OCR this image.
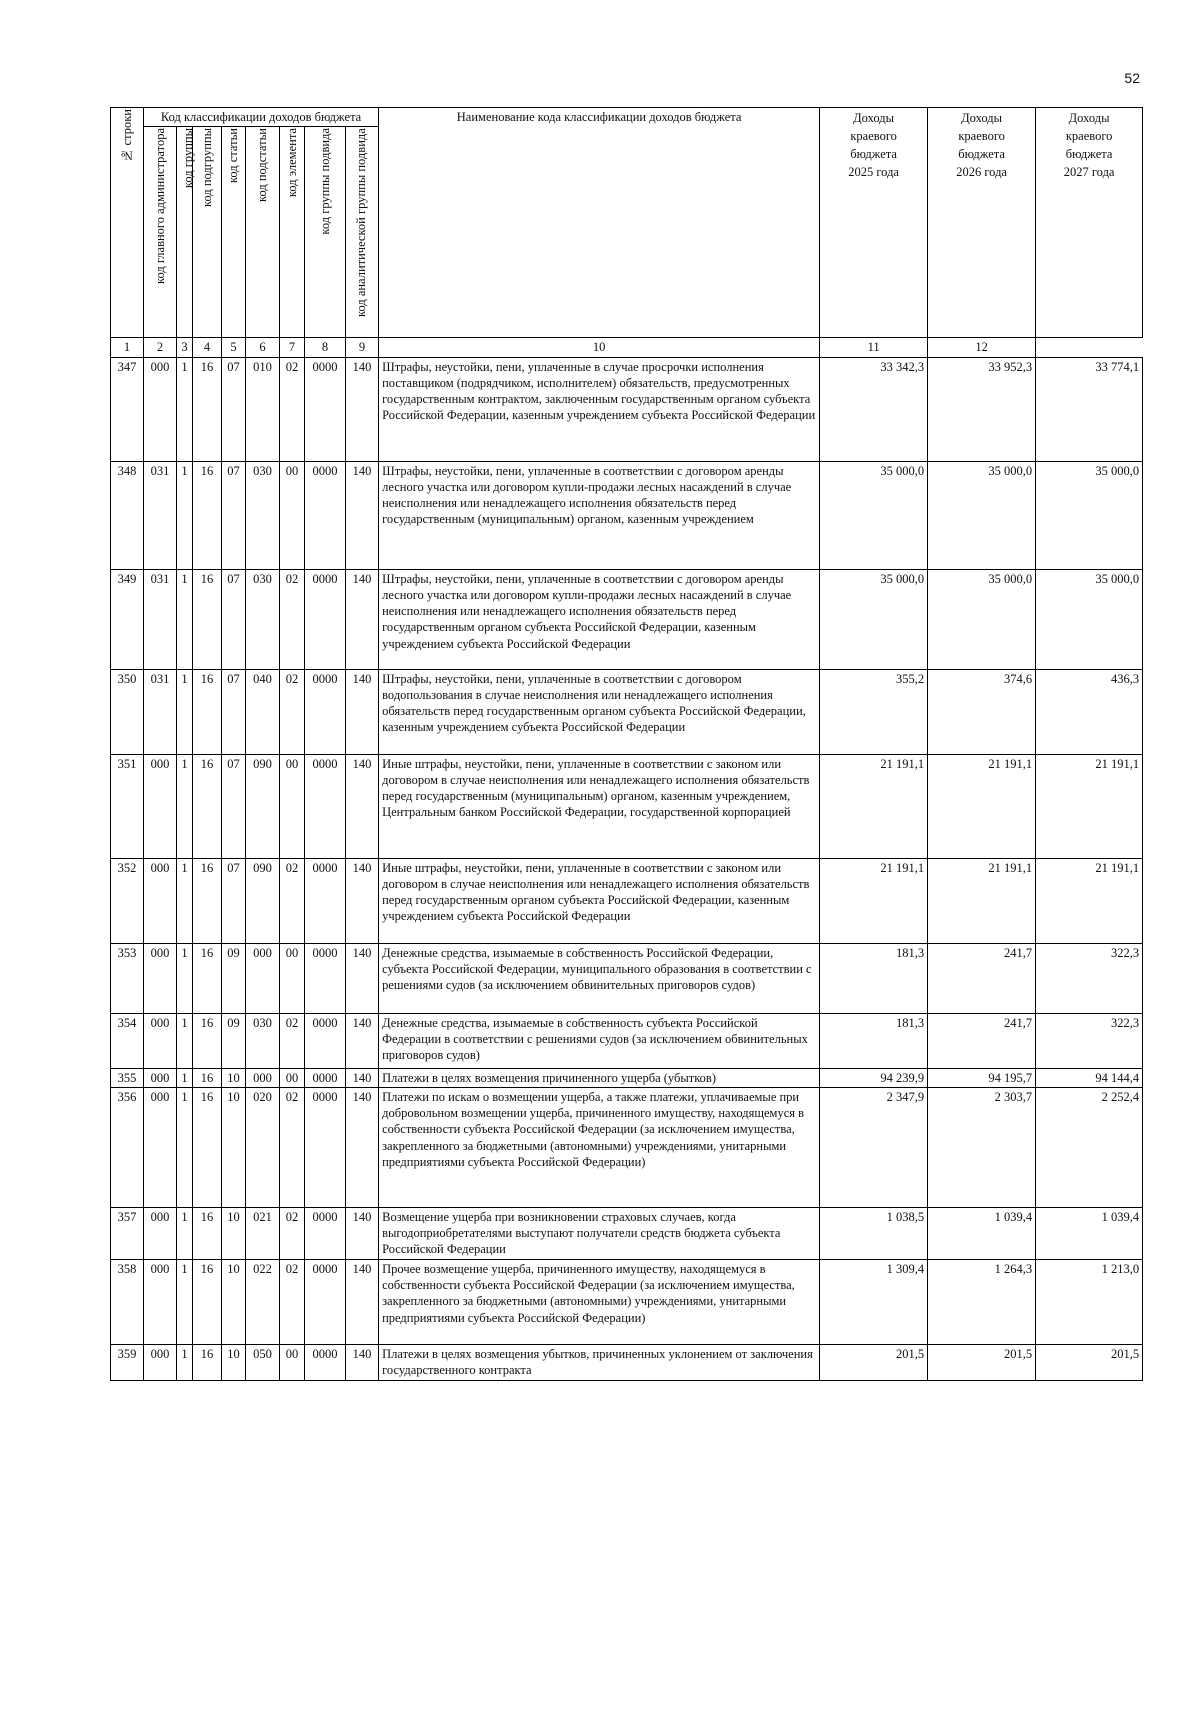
52
№ строки	Код классификации доходов бюджета								Наименование кода классификации доходов бюджета	Доходы
краевого
бюджета
2025 года	Доходы
краевого
бюджета
2026 года	Доходы
краевого
бюджета
2027 года
	код главного администратора	код группы	код подгруппы	код статьи	код подстатьи	код элемента	код группы подвида	код аналитической группы подвида				
1	2	3	4	5	6	7	8	9	10	11	12	
347	000	1	16	07	010	02	0000	140	Штрафы, неустойки, пени, уплаченные в случае просрочки исполнения поставщиком (подрядчиком, исполнителем) обязательств, предусмотренных государственным контрактом, заключенным государственным органом субъекта Российской Федерации, казенным учреждением субъекта Российской Федерации	33 342,3	33 952,3	33 774,1
348	031	1	16	07	030	00	0000	140	Штрафы, неустойки, пени, уплаченные в соответствии с договором аренды лесного участка или договором купли-продажи лесных насаждений в случае неисполнения или ненадлежащего исполнения обязательств перед государственным (муниципальным) органом, казенным учреждением	35 000,0	35 000,0	35 000,0
349	031	1	16	07	030	02	0000	140	Штрафы, неустойки, пени, уплаченные в соответствии с договором аренды лесного участка или договором купли-продажи лесных насаждений в случае неисполнения или ненадлежащего исполнения обязательств перед государственным органом субъекта Российской Федерации, казенным учреждением субъекта Российской Федерации	35 000,0	35 000,0	35 000,0
350	031	1	16	07	040	02	0000	140	Штрафы, неустойки, пени, уплаченные в соответствии с договором водопользования в случае неисполнения или ненадлежащего исполнения обязательств перед государственным органом субъекта Российской Федерации, казенным учреждением субъекта Российской Федерации	355,2	374,6	436,3
351	000	1	16	07	090	00	0000	140	Иные штрафы, неустойки, пени, уплаченные в соответствии с законом или договором в случае неисполнения или ненадлежащего исполнения обязательств перед государственным (муниципальным) органом, казенным учреждением, Центральным банком Российской Федерации, государственной корпорацией	21 191,1	21 191,1	21 191,1
352	000	1	16	07	090	02	0000	140	Иные штрафы, неустойки, пени, уплаченные в соответствии с законом или договором в случае неисполнения или ненадлежащего исполнения обязательств перед государственным органом субъекта Российской Федерации, казенным учреждением субъекта Российской Федерации	21 191,1	21 191,1	21 191,1
353	000	1	16	09	000	00	0000	140	Денежные средства, изымаемые в собственность Российской Федерации, субъекта Российской Федерации, муниципального образования в соответствии с решениями судов (за исключением обвинительных приговоров судов)	181,3	241,7	322,3
354	000	1	16	09	030	02	0000	140	Денежные средства, изымаемые в собственность субъекта Российской Федерации в соответствии с решениями судов (за исключением обвинительных приговоров судов)	181,3	241,7	322,3
355	000	1	16	10	000	00	0000	140	Платежи в целях возмещения причиненного ущерба (убытков)	94 239,9	94 195,7	94 144,4
356	000	1	16	10	020	02	0000	140	Платежи по искам о возмещении ущерба, а также платежи, уплачиваемые при добровольном возмещении ущерба, причиненного имуществу, находящемуся в собственности субъекта Российской Федерации (за исключением имущества, закрепленного за бюджетными (автономными) учреждениями, унитарными предприятиями субъекта Российской Федерации)	2 347,9	2 303,7	2 252,4
357	000	1	16	10	021	02	0000	140	Возмещение ущерба при возникновении страховых случаев, когда выгодоприобретателями выступают получатели средств бюджета субъекта Российской Федерации	1 038,5	1 039,4	1 039,4
358	000	1	16	10	022	02	0000	140	Прочее возмещение ущерба, причиненного имуществу, находящемуся в собственности субъекта Российской Федерации (за исключением имущества, закрепленного за бюджетными (автономными) учреждениями, унитарными предприятиями субъекта Российской Федерации)	1 309,4	1 264,3	1 213,0
359	000	1	16	10	050	00	0000	140	Платежи в целях возмещения убытков, причиненных уклонением от заключения государственного контракта	201,5	201,5	201,5
